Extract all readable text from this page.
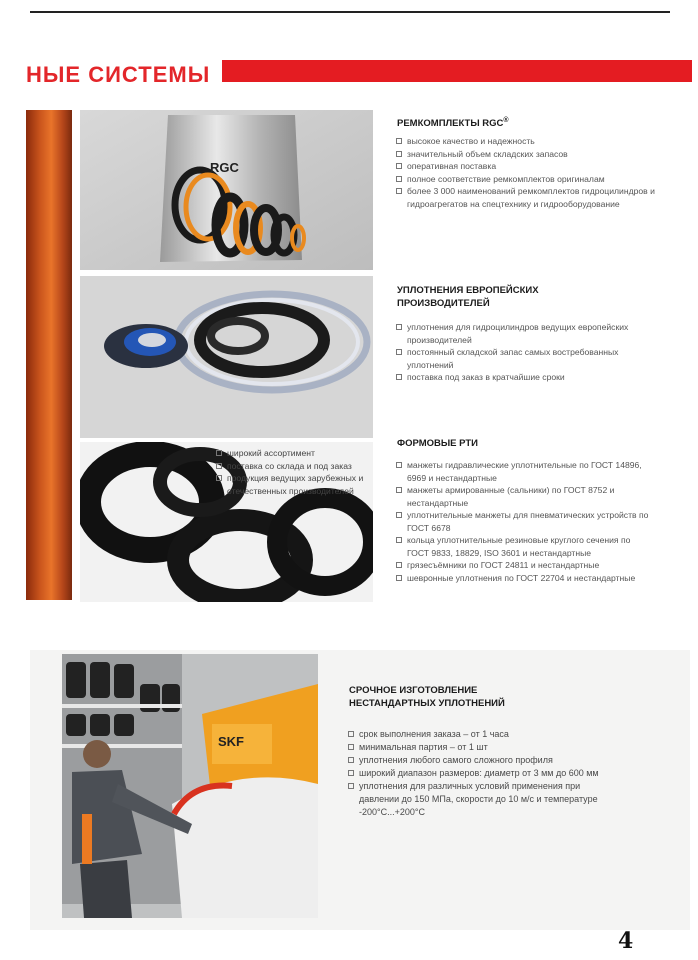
НЫЕ СИСТЕМЫ
RGC
РЕМКОМПЛЕКТЫ RGC®
высокое качество и надежность
значительный объем складских запасов
оперативная поставка
полное соответствие ремкомплектов оригиналам
более 3 000 наименований ремкомплектов гидроцилиндров и гидроагрегатов на спецтехнику и гидрооборудование
УПЛОТНЕНИЯ ЕВРОПЕЙСКИХ ПРОИЗВОДИТЕЛЕЙ
уплотнения для гидроцилиндров ведущих европейских производителей
постоянный складской запас самых востребованных уплотнений
поставка под заказ в кратчайшие сроки
широкий ассортимент
поставка со склада и под заказ
продукция ведущих зарубежных и отечественных производителей
ФОРМОВЫЕ РТИ
манжеты гидравлические уплотнительные по ГОСТ 14896, 6969 и нестандартные
манжеты армированные (сальники) по ГОСТ 8752 и нестандартные
уплотнительные манжеты для пневматических устройств по ГОСТ 6678
кольца уплотнительные резиновые круглого сечения по ГОСТ 9833, 18829, ISO 3601 и нестандартные
грязесъёмники по ГОСТ 24811 и нестандартные
шевронные уплотнения по ГОСТ 22704 и нестандартные
SKF
СРОЧНОЕ ИЗГОТОВЛЕНИЕ
НЕСТАНДАРТНЫХ УПЛОТНЕНИЙ
срок выполнения заказа – от 1 часа
минимальная партия – от 1 шт
уплотнения любого самого сложного профиля
широкий диапазон размеров: диаметр от 3 мм до 600 мм
уплотнения для различных условий применения при давлении до 150 МПа, скорости до 10 м/с и температуре -200°С...+200°С
4
